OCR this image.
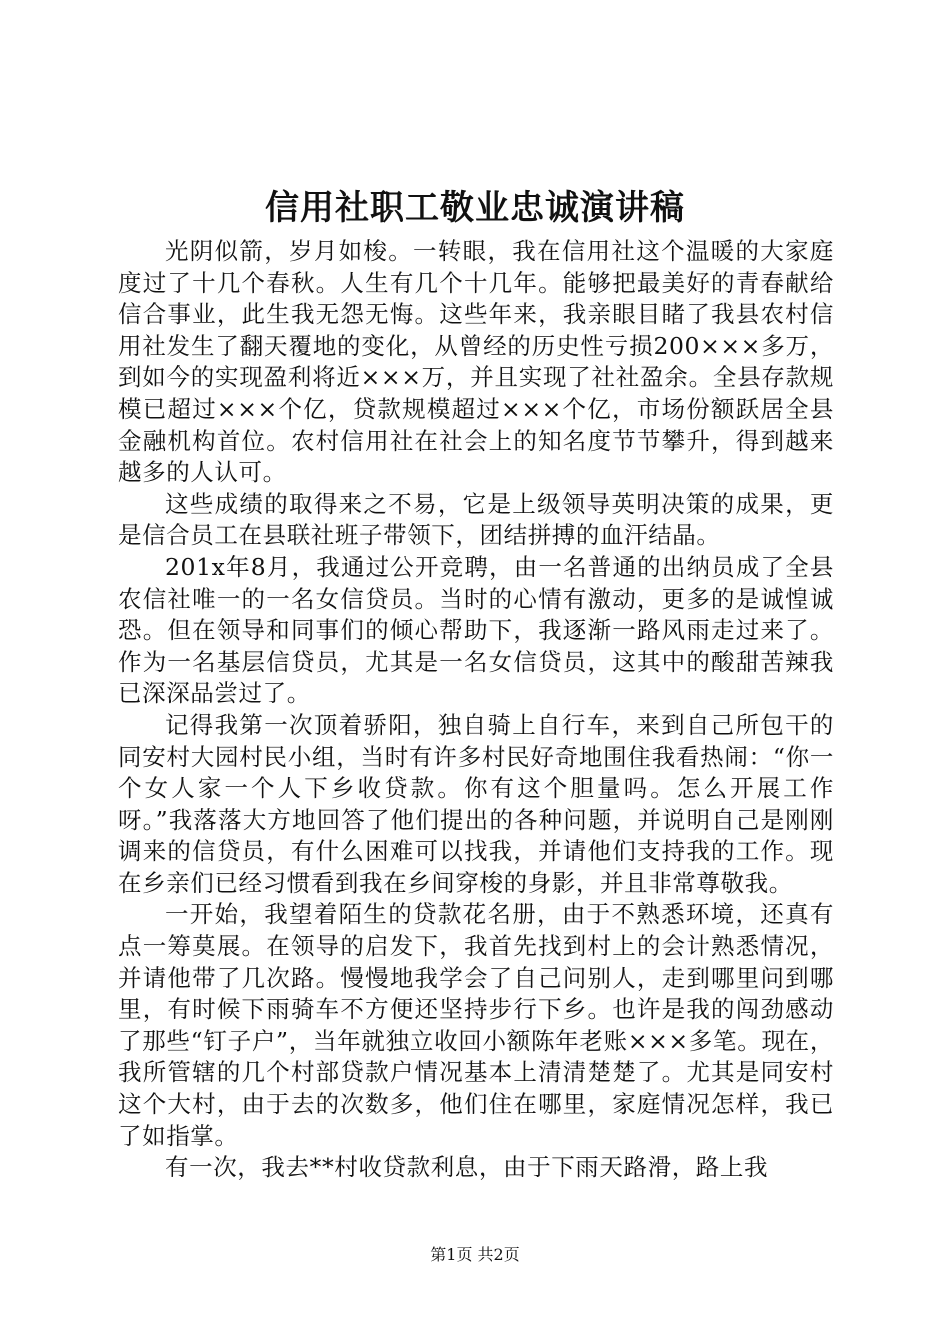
信用社职工敬业忠诚演讲稿

光阴似箭，岁月如梭。一转眼，我在信用社这个温暖的大家庭度过了十几个春秋。人生有几个十几年。能够把最美好的青春献给信合事业，此生我无怨无悔。这些年来，我亲眼目睹了我县农村信用社发生了翻天覆地的变化，从曾经的历史性亏损200×××多万，到如今的实现盈利将近×××万，并且实现了社社盈余。全县存款规模已超过×××个亿，贷款规模超过×××个亿，市场份额跃居全县金融机构首位。农村信用社在社会上的知名度节节攀升，得到越来越多的人认可。

这些成绩的取得来之不易，它是上级领导英明决策的成果，更是信合员工在县联社班子带领下，团结拼搏的血汗结晶。

201x年8月，我通过公开竞聘，由一名普通的出纳员成了全县农信社唯一的一名女信贷员。当时的心情有激动，更多的是诚惶诚恐。但在领导和同事们的倾心帮助下，我逐渐一路风雨走过来了。作为一名基层信贷员，尤其是一名女信贷员，这其中的酸甜苦辣我已深深品尝过了。

记得我第一次顶着骄阳，独自骑上自行车，来到自己所包干的同安村大园村民小组，当时有许多村民好奇地围住我看热闹：“你一个女人家一个人下乡收贷款。你有这个胆量吗。怎么开展工作呀。”我落落大方地回答了他们提出的各种问题，并说明自己是刚刚调来的信贷员，有什么困难可以找我，并请他们支持我的工作。现在乡亲们已经习惯看到我在乡间穿梭的身影，并且非常尊敬我。

一开始，我望着陌生的贷款花名册，由于不熟悉环境，还真有点一筹莫展。在领导的启发下，我首先找到村上的会计熟悉情况，并请他带了几次路。慢慢地我学会了自己问别人，走到哪里问到哪里，有时候下雨骑车不方便还坚持步行下乡。也许是我的闯劲感动了那些“钉子户”，当年就独立收回小额陈年老账×××多笔。现在，我所管辖的几个村部贷款户情况基本上清清楚楚了。尤其是同安村这个大村，由于去的次数多，他们住在哪里，家庭情况怎样，我已了如指掌。

有一次，我去**村收贷款利息，由于下雨天路滑，路上我

第1页 共2页
